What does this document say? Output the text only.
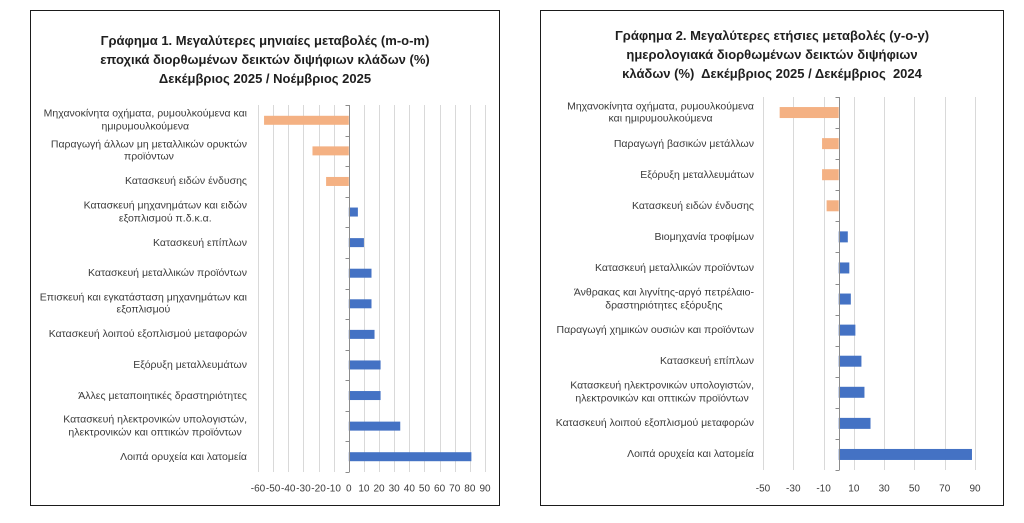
Γράφημα 1. Μεγαλύτερες μηνιαίες μεταβολές (m-o-m)
εποχικά διορθωμένων δεικτών διψήφιων κλάδων (%)
Δεκέμβριος 2025 / Νοέμβριος 2025
-60 -50 -40 -30 -20 -10 0 10 20 30 40 50 60 70 80 90
Μηχανοκίνητα οχήματα, ρυμουλκούμενα και
ημιρυμουλκούμενα
Παραγωγή άλλων μη μεταλλικών ορυκτών
προϊόντων
Κατασκευή ειδών ένδυσης
Κατασκευή μηχανημάτων και ειδών
εξοπλισμού π.δ.κ.α.
Κατασκευή επίπλων
Κατασκευή μεταλλικών προϊόντων
Επισκευή και εγκατάσταση μηχανημάτων και
εξοπλισμού
Κατασκευή λοιπού εξοπλισμού μεταφορών
Εξόρυξη μεταλλευμάτων
Άλλες μεταποιητικές δραστηριότητες
Κατασκευή ηλεκτρονικών υπολογιστών,
ηλεκτρονικών και οπτικών προϊόντων
Λοιπά ορυχεία και λατομεία
Γράφημα 2. Μεγαλύτερες ετήσιες μεταβολές (y-o-y)
ημερολογιακά διορθωμένων δεικτών διψήφιων
κλάδων (%)  Δεκέμβριος 2025 / Δεκέμβριος  2024
-50 -30 -10 10 30 50 70 90
Μηχανοκίνητα οχήματα, ρυμουλκούμενα
και ημιρυμουλκούμενα
Παραγωγή βασικών μετάλλων
Εξόρυξη μεταλλευμάτων
Κατασκευή ειδών ένδυσης
Βιομηχανία τροφίμων
Κατασκευή μεταλλικών προϊόντων
Άνθρακας και λιγνίτης-αργό πετρέλαιο-
δραστηριότητες εξόρυξης
Παραγωγή χημικών ουσιών και προϊόντων
Κατασκευή επίπλων
Κατασκευή ηλεκτρονικών υπολογιστών,
ηλεκτρονικών και οπτικών προϊόντων
Κατασκευή λοιπού εξοπλισμού μεταφορών
Λοιπά ορυχεία και λατομεία
